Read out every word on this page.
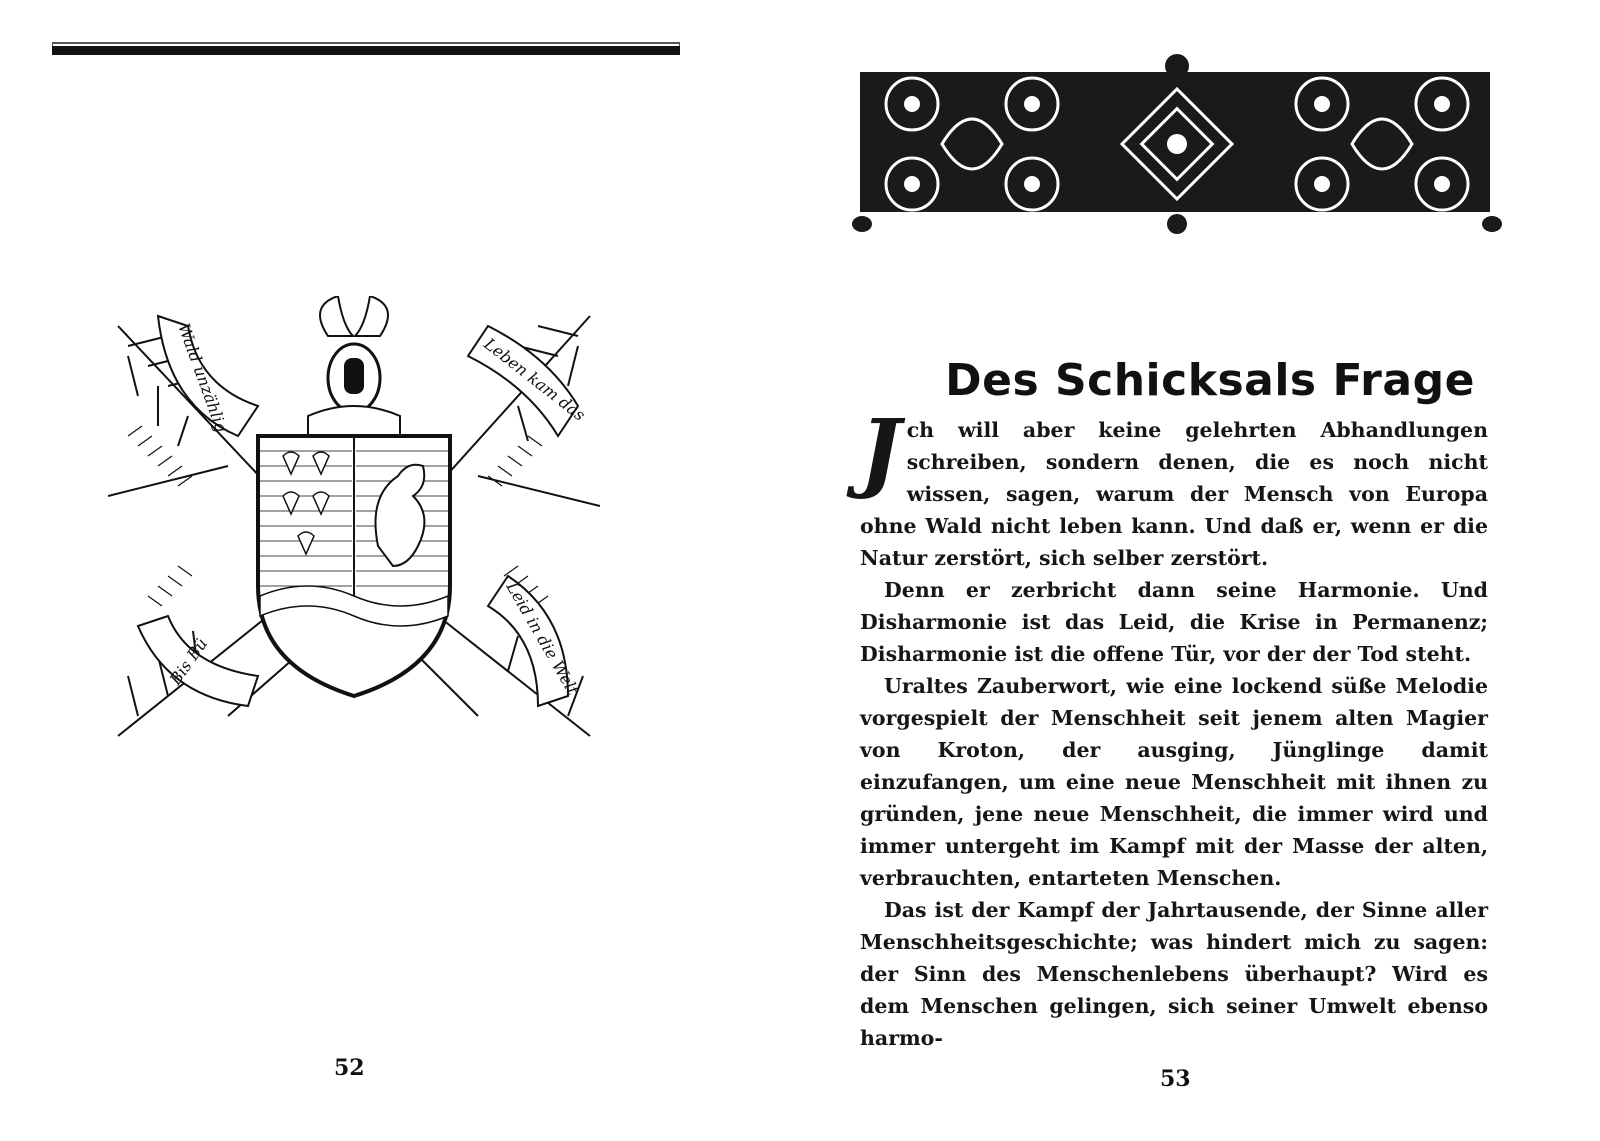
Wald unzählig	Leben kam das
Bis Bü	Leid in die Welt
52
Des Schicksals Frage

Jch will aber keine gelehrten Abhandlungen schreiben, sondern denen, die es noch nicht wissen, sagen, warum der Mensch von Europa ohne Wald nicht leben kann. Und daß er, wenn er die Natur zerstört, sich selber zerstört.

Denn er zerbricht dann seine Harmonie. Und Disharmonie ist das Leid, die Krise in Permanenz; Disharmonie ist die offene Tür, vor der der Tod steht.

Uraltes Zauberwort, wie eine lockend süße Melodie vorgespielt der Menschheit seit jenem alten Magier von Kroton, der ausging, Jünglinge damit einzufangen, um eine neue Menschheit mit ihnen zu gründen, jene neue Menschheit, die immer wird und immer untergeht im Kampf mit der Masse der alten, verbrauchten, entarteten Menschen.

Das ist der Kampf der Jahrtausende, der Sinne aller Menschheitsgeschichte; was hindert mich zu sagen: der Sinn des Menschenlebens überhaupt? Wird es dem Menschen gelingen, sich seiner Umwelt ebenso harmo-

53
